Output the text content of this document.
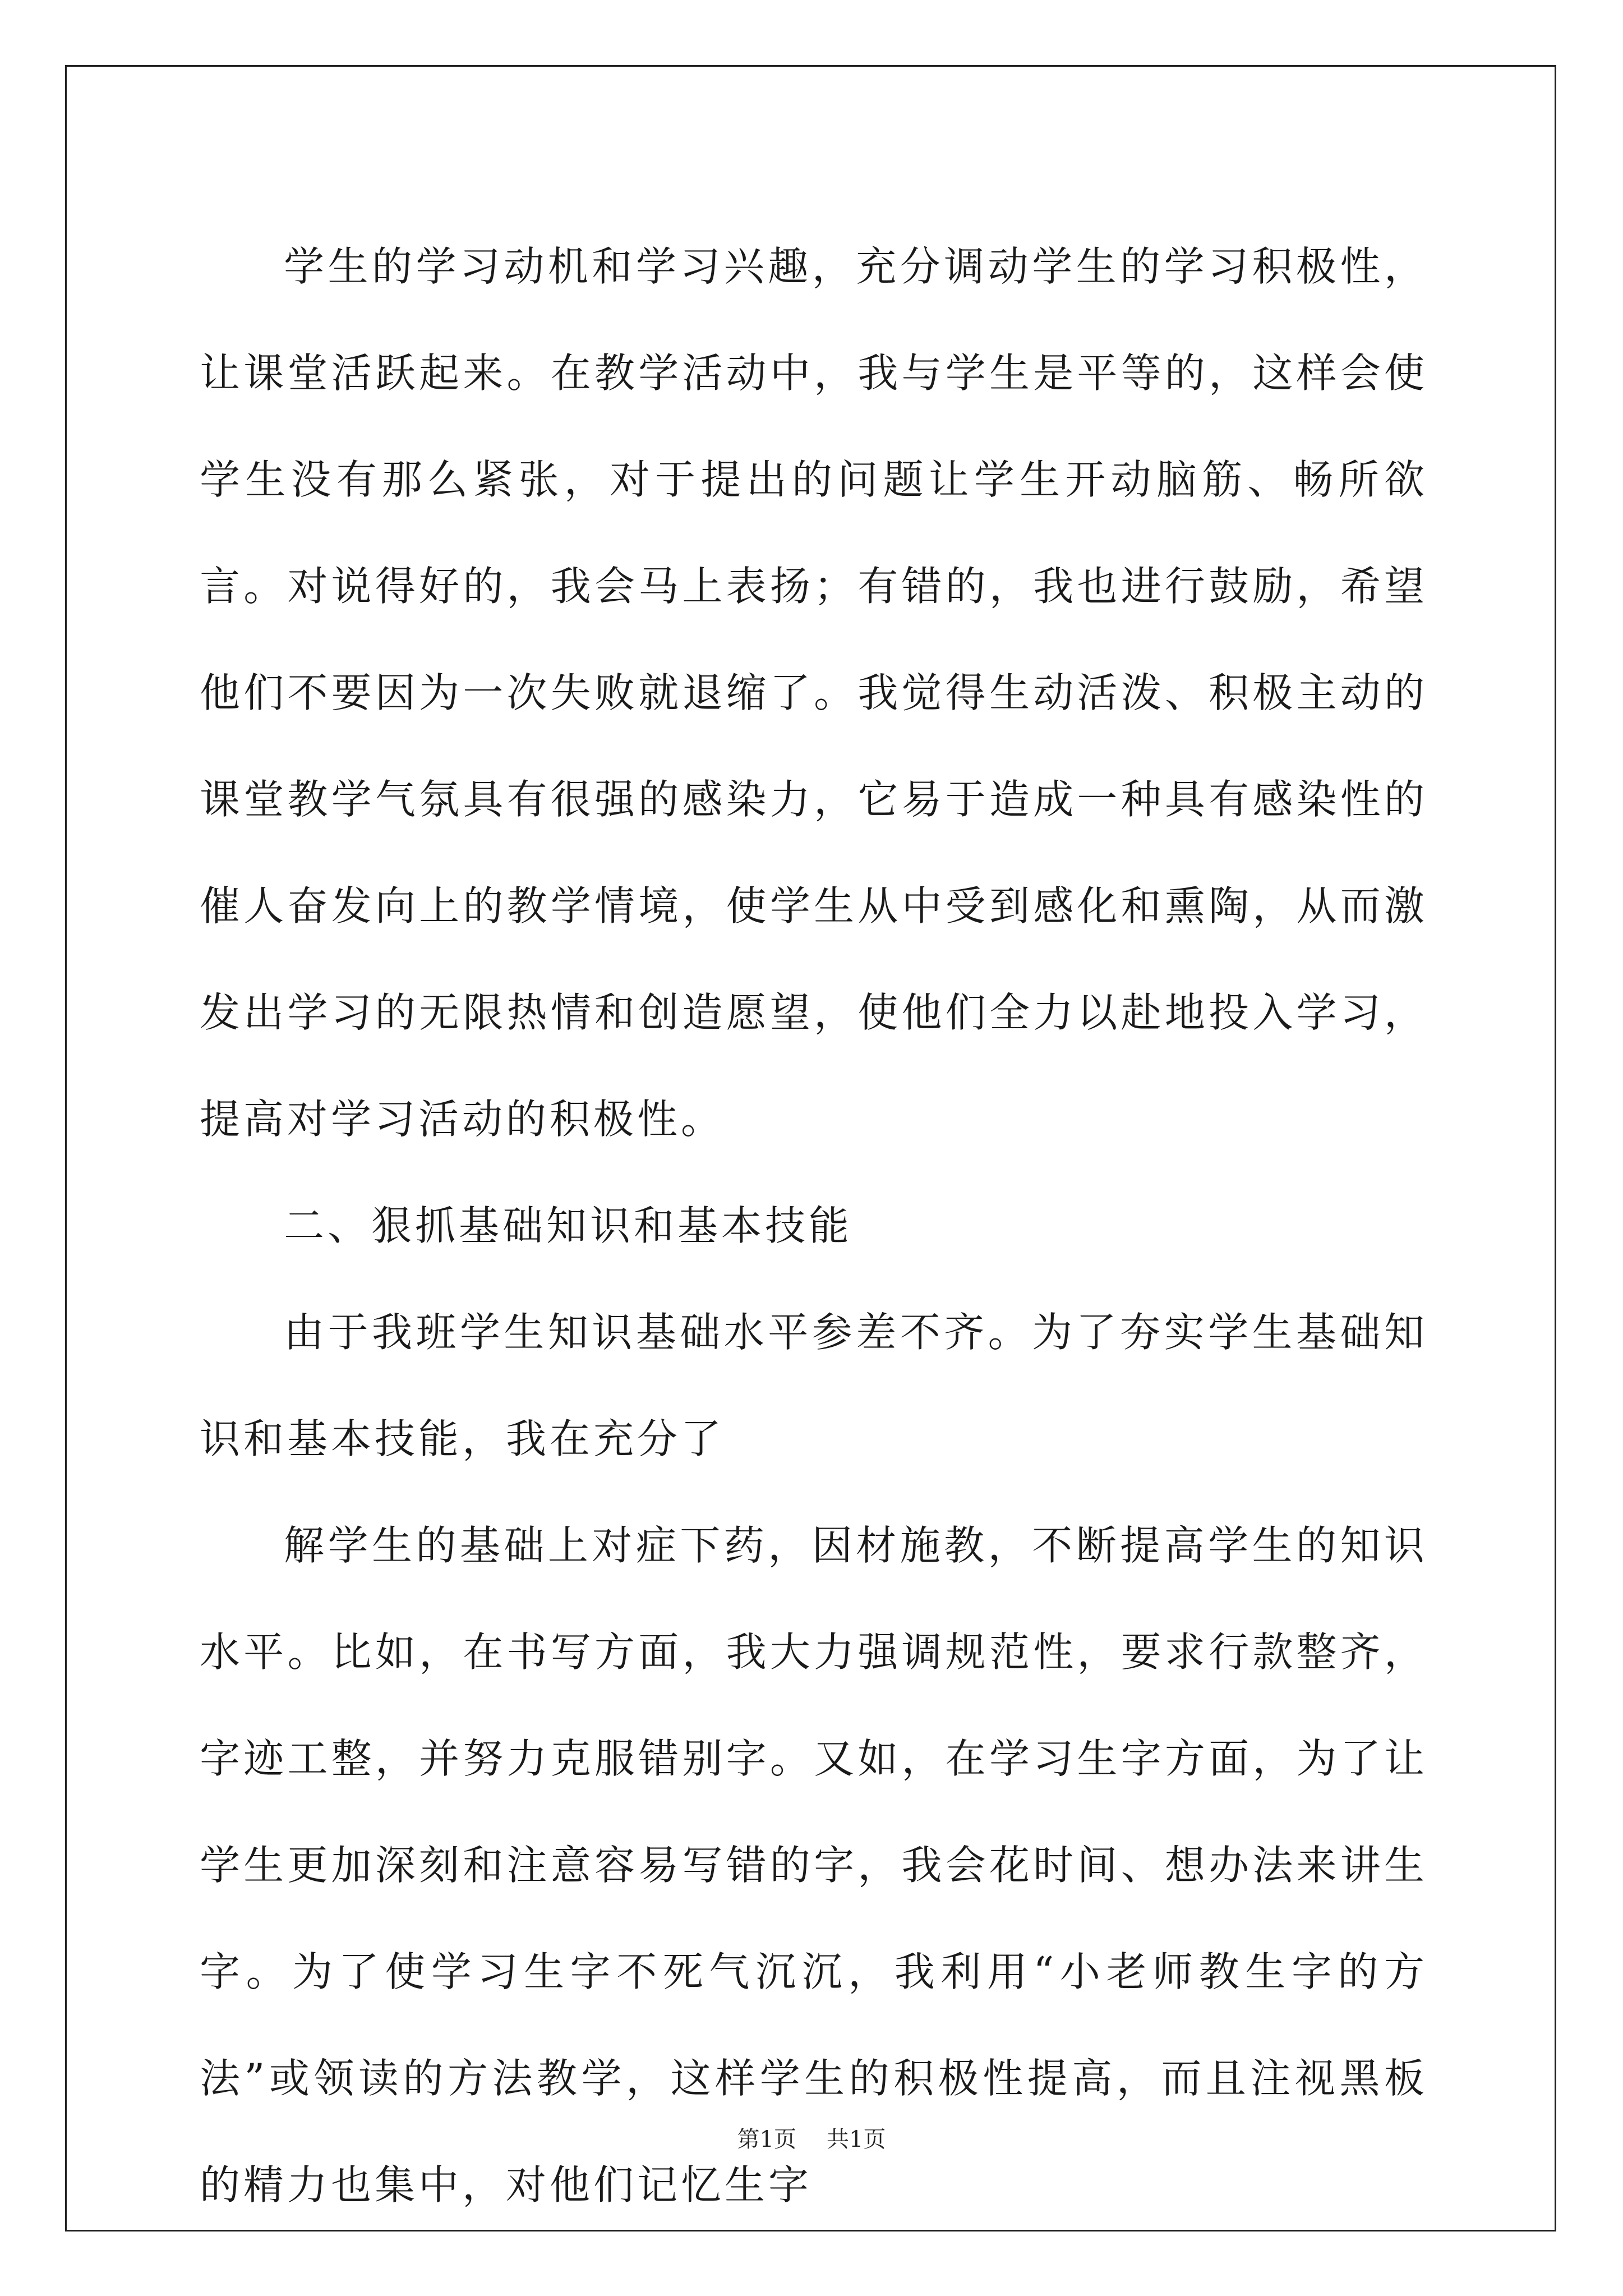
学生的学习动机和学习兴趣，充分调动学生的学习积极性，让课堂活跃起来。在教学活动中，我与学生是平等的，这样会使学生没有那么紧张，对于提出的问题让学生开动脑筋、畅所欲言。对说得好的，我会马上表扬；有错的，我也进行鼓励，希望他们不要因为一次失败就退缩了。我觉得生动活泼、积极主动的课堂教学气氛具有很强的感染力，它易于造成一种具有感染性的催人奋发向上的教学情境，使学生从中受到感化和熏陶，从而激发出学习的无限热情和创造愿望，使他们全力以赴地投入学习，提高对学习活动的积极性。

二、狠抓基础知识和基本技能

由于我班学生知识基础水平参差不齐。为了夯实学生基础知识和基本技能，我在充分了

解学生的基础上对症下药，因材施教，不断提高学生的知识水平。比如，在书写方面，我大力强调规范性，要求行款整齐，字迹工整，并努力克服错别字。又如，在学习生字方面，为了让学生更加深刻和注意容易写错的字，我会花时间、想办法来讲生字。为了使学习生字不死气沉沉，我利用“小老师教生字的方法”或领读的方法教学，这样学生的积极性提高，而且注视黑板的精力也集中，对他们记忆生字

第1页 共1页
